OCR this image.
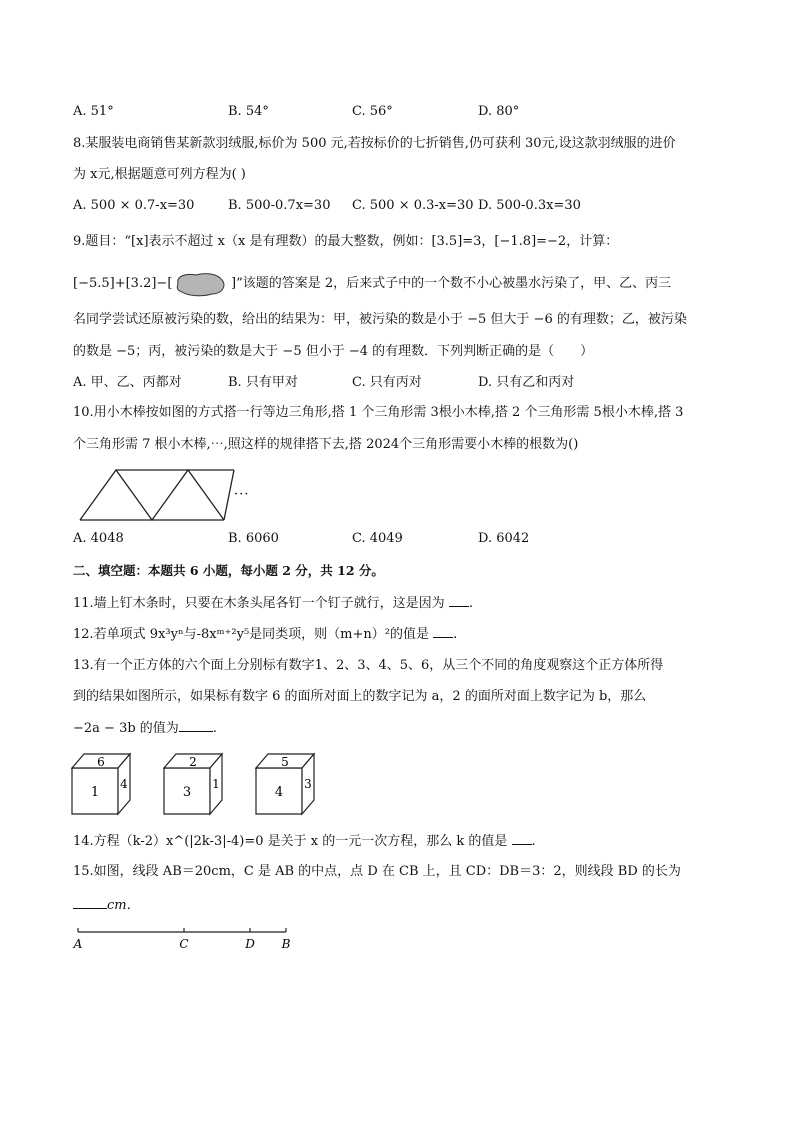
A. 51°	B. 54°	C. 56°	D. 80°
8.某服装电商销售某新款羽绒服,标价为 500 元,若按标价的七折销售,仍可获利 30元,设这款羽绒服的进价
为 x元,根据题意可列方程为( )
A. 500 × 0.7-x=30	B. 500-0.7x=30 C. 500 × 0.3-x=30 D. 500-0.3x=30
9.题目：“[x]表示不超过 x（x 是有理数）的最大整数，例如：[3.5]=3，[−1.8]=−2，计算：
[−5.5]+[3.2]−[	]”该题的答案是 2，后来式子中的一个数不小心被墨水污染了，甲、乙、丙三
名同学尝试还原被污染的数，给出的结果为：甲，被污染的数是小于 −5 但大于 −6 的有理数；乙，被污染
的数是 −5；丙，被污染的数是大于 −5 但小于 −4 的有理数．下列判断正确的是（　　）
A. 甲、乙、丙都对	B. 只有甲对	C. 只有丙对	D. 只有乙和丙对
10.用小木棒按如图的方式搭一行等边三角形,搭 1 个三角形需 3根小木棒,搭 2 个三角形需 5根小木棒,搭 3
个三角形需 7 根小木棒,⋯,照这样的规律搭下去,搭 2024个三角形需要小木棒的根数为()
···
A. 4048	B. 6060	C. 4049	D. 6042
二、填空题：本题共 6 小题，每小题 2 分，共 12 分。
11.墙上钉木条时，只要在木条头尾各钉一个钉子就行，这是因为 .
12.若单项式 9x³yⁿ与-8xᵐ⁺²y⁵是同类项，则（m+n）²的值是 .
13.有一个正方体的六个面上分别标有数字1、2、3、4、5、6，从三个不同的角度观察这个正方体所得
到的结果如图所示，如果标有数字 6 的面所对面上的数字记为 a，2 的面所对面上数字记为 b，那么
−2a − 3b 的值为	.
6
1
4
2
3
1
5
4
3
14.方程（k-2）x^(|2k-3|-4)=0 是关于 x 的一元一次方程，那么 k 的值是 .
15.如图，线段 AB＝20cm，C 是 AB 的中点，点 D 在 CB 上，且 CD：DB＝3：2，则线段 BD 的长为
cm．
A	C	D B
